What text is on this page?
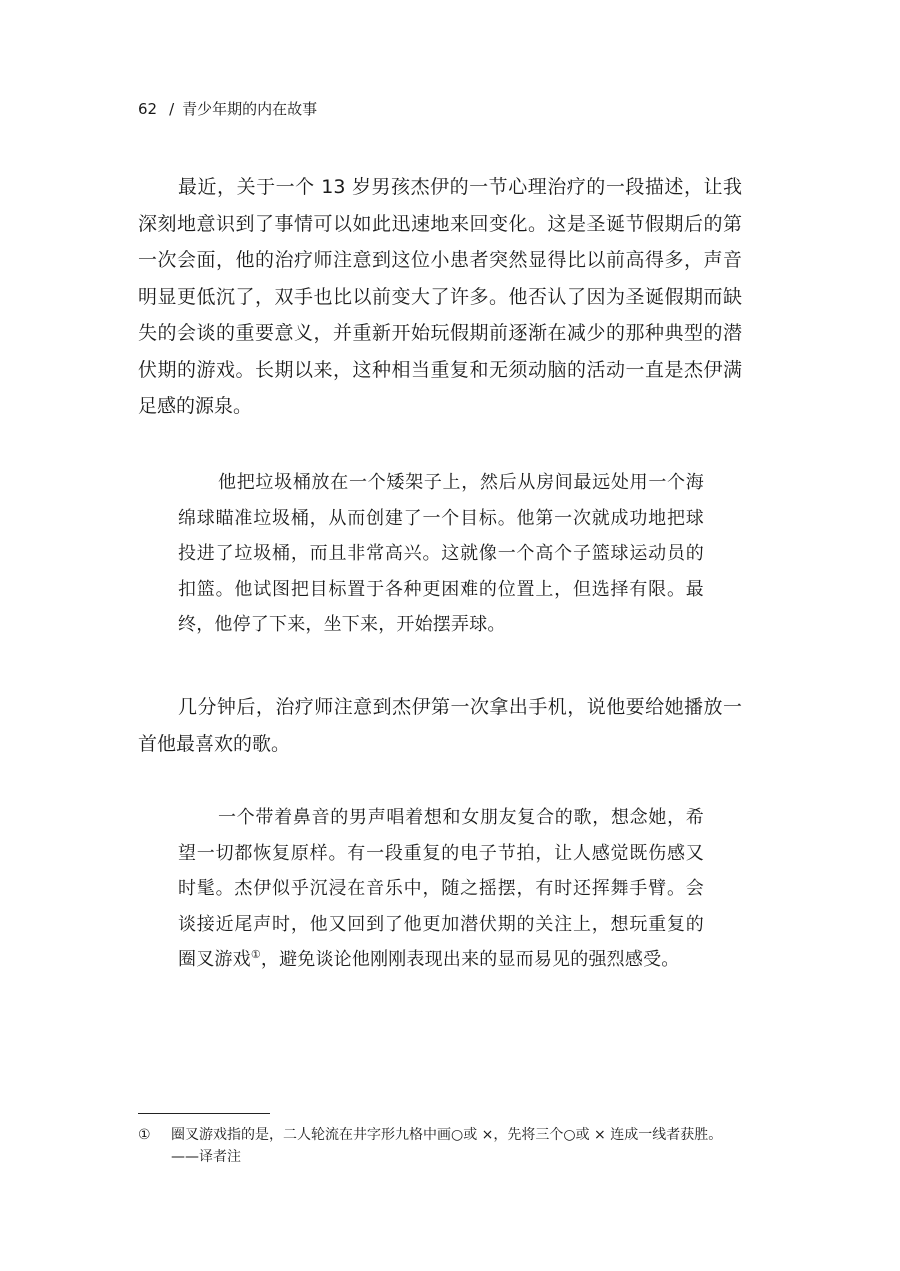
62 / 青少年期的内在故事

最近，关于一个 13 岁男孩杰伊的一节心理治疗的一段描述，让我深刻地意识到了事情可以如此迅速地来回变化。这是圣诞节假期后的第一次会面，他的治疗师注意到这位小患者突然显得比以前高得多，声音明显更低沉了，双手也比以前变大了许多。他否认了因为圣诞假期而缺失的会谈的重要意义，并重新开始玩假期前逐渐在减少的那种典型的潜伏期的游戏。长期以来，这种相当重复和无须动脑的活动一直是杰伊满足感的源泉。

他把垃圾桶放在一个矮架子上，然后从房间最远处用一个海绵球瞄准垃圾桶，从而创建了一个目标。他第一次就成功地把球投进了垃圾桶，而且非常高兴。这就像一个高个子篮球运动员的扣篮。他试图把目标置于各种更困难的位置上，但选择有限。最终，他停了下来，坐下来，开始摆弄球。

几分钟后，治疗师注意到杰伊第一次拿出手机，说他要给她播放一首他最喜欢的歌。

一个带着鼻音的男声唱着想和女朋友复合的歌，想念她，希望一切都恢复原样。有一段重复的电子节拍，让人感觉既伤感又时髦。杰伊似乎沉浸在音乐中，随之摇摆，有时还挥舞手臂。会谈接近尾声时，他又回到了他更加潜伏期的关注上，想玩重复的圈叉游戏①，避免谈论他刚刚表现出来的显而易见的强烈感受。

① 圈叉游戏指的是，二人轮流在井字形九格中画○或 ×，先将三个○或 × 连成一线者获胜。——译者注
